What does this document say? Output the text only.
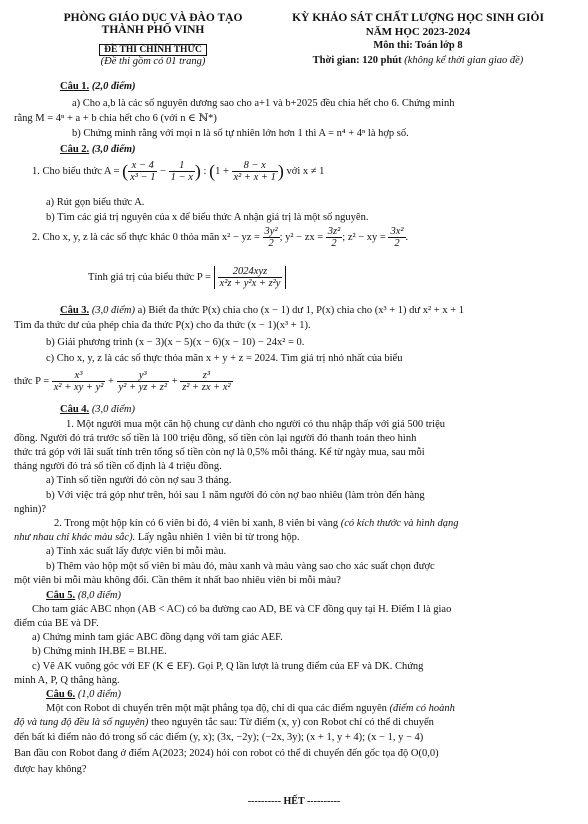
PHÒNG GIÁO DỤC VÀ ĐÀO TẠO
THÀNH PHỐ VINH
ĐỀ THI CHÍNH THỨC
(Đề thi gồm có 01 trang)
KỲ KHẢO SÁT CHẤT LƯỢNG HỌC SINH GIỎI
NĂM HỌC 2023-2024
Môn thi: Toán lớp 8
Thời gian: 120 phút (không kể thời gian giao đề)
Câu 1. (2,0 điểm)
a) Cho a,b là các số nguyên dương sao cho a+1 và b+2025 đều chia hết cho 6. Chứng minh
rằng M = 4ⁿ + a + b chia hết cho 6 (với n ∈ ℕ*)
b) Chứng minh rằng với mọi n là số tự nhiên lớn hơn 1 thì A = n⁴ + 4ⁿ là hợp số.
Câu 2. (3,0 điểm)
1. Cho biểu thức A = ( $\frac{x - 4}{\text{x³ − 1}} - \frac{1}{1 - x}$ ) : ($1 + \frac{8 - x}{\text{x² + x + 1}}$ ) với x ≠ 1
a) Rút gọn biểu thức A.
b) Tìm các giá trị nguyên của x để biểu thức A nhận giá trị là một số nguyên.
2. Cho x, y, z là các số thực khác 0 thỏa mãn x² − yz = $\frac{\text{3y²}}{2}$ ; y² − zx = $\frac{\text{3z²}}{2}$ ; z² − xy = $\frac{\text{3x²}}{2}$ .
Tính giá trị của biểu thức $P = \frac{\text{2024xyz}}{\text{x²z + y²x + z²y}}$
Câu 3. (3,0 điểm) a) Biết đa thức P(x) chia cho (x − 1) dư 1, P(x) chia cho (x³ + 1) dư x² + x + 1
Tìm đa thức dư của phép chia đa thức P(x) cho đa thức (x − 1)(x³ + 1).
b) Giải phương trình (x − 3)(x − 5)(x − 6)(x − 10) − 24x² = 0.
c) Cho x, y, z là các số thực thỏa mãn x + y + z = 2024. Tìm giá trị nhỏ nhất của biểu
thức $P = \frac{\text{x³}}{\text{x² + xy + y²}} + \frac{\text{y³}}{\text{y² + yz + z²}} + \frac{\text{z³}}{\text{z² + zx + x²}}$
Câu 4. (3,0 điểm)
1. Một người mua một căn hộ chung cư dành cho người có thu nhập thấp với giá 500 triệu
đồng. Người đó trả trước số tiền là 100 triệu đồng, số tiền còn lại người đó thanh toán theo hình
thức trả góp với lãi suất tính trên tổng số tiền còn nợ là 0,5% mỗi tháng. Kể từ ngày mua, sau mỗi
tháng người đó trả số tiền cố định là 4 triệu đồng.
a) Tính số tiền người đó còn nợ sau 3 tháng.
b) Với việc trả góp như trên, hỏi sau 1 năm người đó còn nợ bao nhiêu (làm tròn đến hàng
nghìn)?
2. Trong một hộp kín có 6 viên bi đỏ, 4 viên bi xanh, 8 viên bi vàng (có kích thước và hình dạng
như nhau chỉ khác màu sắc). Lấy ngẫu nhiên 1 viên bi từ trong hộp.
a) Tính xác suất lấy được viên bi mỗi màu.
b) Thêm vào hộp một số viên bi màu đỏ, màu xanh và màu vàng sao cho xác suất chọn được
một viên bi mỗi màu không đổi. Cần thêm ít nhất bao nhiêu viên bi mỗi màu?
Câu 5. (8,0 điểm)
Cho tam giác ABC nhọn (AB < AC) có ba đường cao AD, BE và CF đồng quy tại H. Điểm I là giao
điểm của BE và DF.
a) Chứng minh tam giác ABC đồng dạng với tam giác AEF.
b) Chứng minh IH.BE = BI.HE.
c) Vẽ AK vuông góc với EF (K ∈ EF). Gọi P, Q lần lượt là trung điểm của EF và DK. Chứng
minh A, P, Q thẳng hàng.
Câu 6. (1,0 điểm)
Một con Robot di chuyển trên một mặt phẳng tọa độ, chỉ di qua các điểm nguyên (điểm có hoành
độ và tung độ đều là số nguyên) theo nguyên tắc sau: Từ điểm (x, y) con Robot chỉ có thể di chuyển
đến bất kì điểm nào đó trong số các điểm (y, x); (3x, −2y); (−2x, 3y); (x + 1, y + 4); (x − 1, y − 4)
Ban đầu con Robot đang ở điểm A(2023; 2024) hỏi con robot có thể di chuyển đến gốc tọa độ O(0,0)
được hay không?
---------- HẾT ----------
